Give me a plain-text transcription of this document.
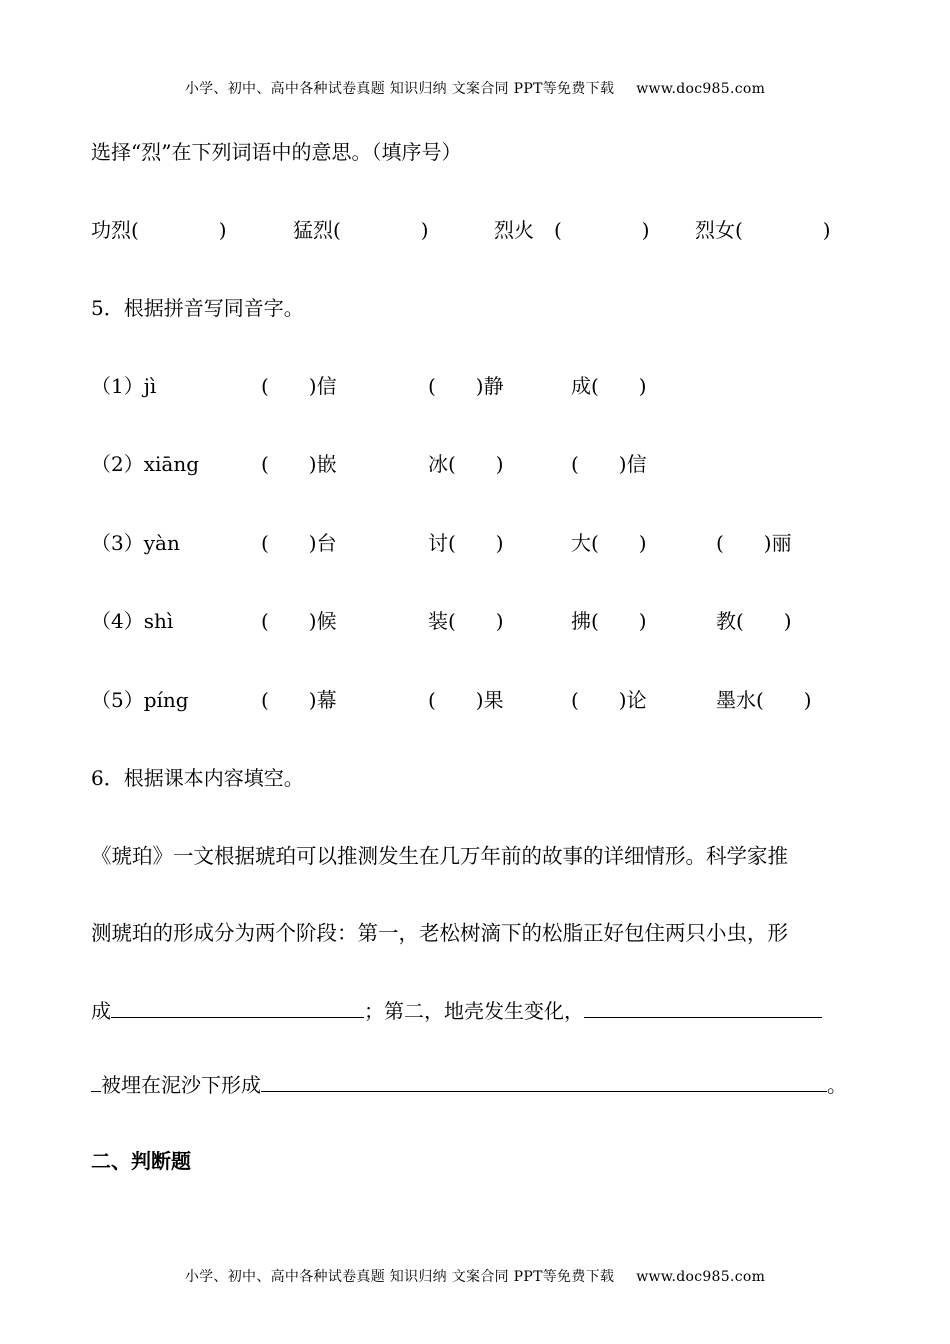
小学、初中、高中各种试卷真题 知识归纳 文案合同 PPT等免费下载 www.doc985.com
选择“烈”在下列词语中的意思。（填序号）
功烈(　　　　)	猛烈(　　　　)	烈火　(　　　　) 烈女(　　　　)
5．根据拼音写同音字。
（1）jì	(　　)信	(　　)静	成(　　)
（2）xiāng	(　　)嵌	冰(　　)	(　　)信
（3）yàn	(　　)台	讨(　　)	大(　　)	(　　)丽
（4）shì	(　　)候	装(　　)	拂(　　)	教(　　)
（5）píng	(　　)幕	(　　)果	(　　)论	墨水(　　)
6．根据课本内容填空。
《琥珀》一文根据琥珀可以推测发生在几万年前的故事的详细情形。科学家推
测琥珀的形成分为两个阶段：第一，老松树滴下的松脂正好包住两只小虫，形
成	；第二，地壳发生变化，
被埋在泥沙下形成	。
二、判断题
小学、初中、高中各种试卷真题 知识归纳 文案合同 PPT等免费下载 www.doc985.com
